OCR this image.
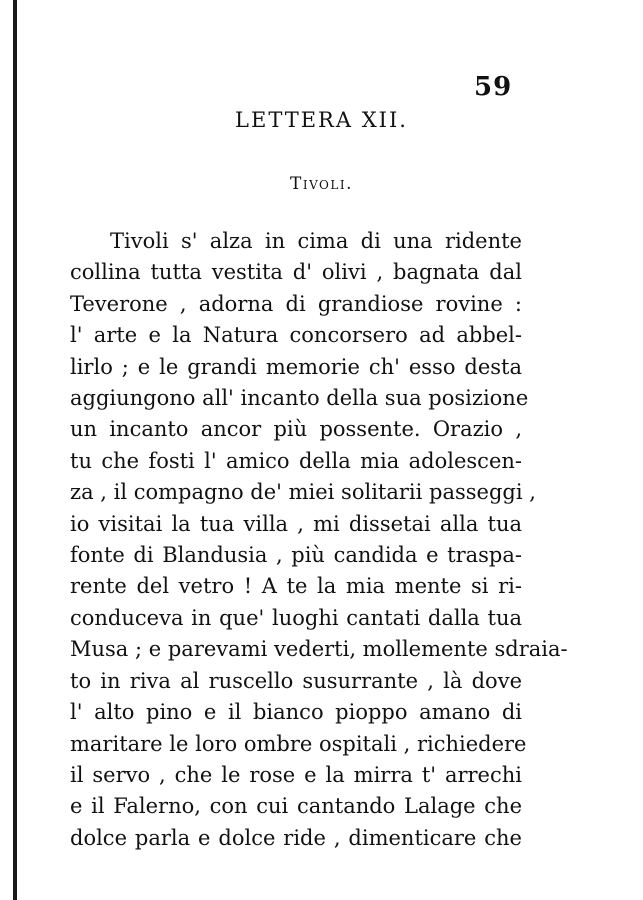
59
LETTERA XII.
Tivoli.
Tivoli s' alza in cima di una ridente
collina tutta vestita d' olivi , bagnata dal
Teverone , adorna di grandiose rovine :
l' arte e la Natura concorsero ad abbel-
lirlo ; e le grandi memorie ch' esso desta
aggiungono all' incanto della sua posizione
un incanto ancor più possente. Orazio ,
tu che fosti l' amico della mia adolescen-
za , il compagno de' miei solitarii passeggi ,
io visitai la tua villa , mi dissetai alla tua
fonte di Blandusia , più candida e traspa-
rente del vetro ! A te la mia mente si ri-
conduceva in que' luoghi cantati dalla tua
Musa ; e parevami vederti, mollemente sdraia-
to in riva al ruscello susurrante , là dove
l' alto pino e il bianco pioppo amano di
maritare le loro ombre ospitali , richiedere
il servo , che le rose e la mirra t' arrechi
e il Falerno, con cui cantando Lalage che
dolce parla e dolce ride , dimenticare che
